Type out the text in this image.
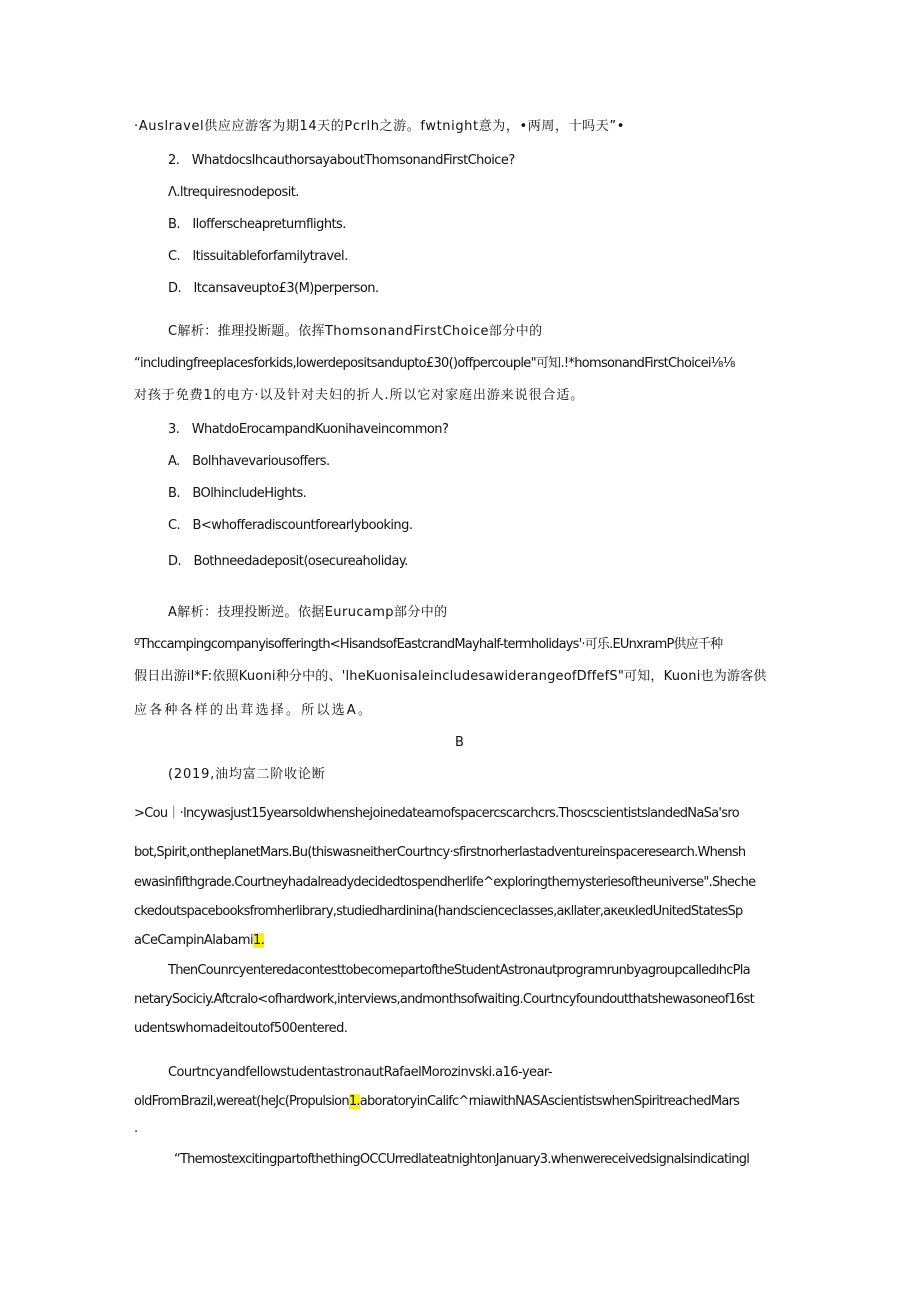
·Auslravel供应应游客为期14天的Pcrlh之游。fwtnight意为，•两周，十吗天”•
2.　WhatdocsIhcauthorsayaboutThomsonandFirstChoice?
Λ.ltrequiresnodeposit.
B.　Ilofferscheapreturnflights.
C.　ltissuitableforfamilytravel.
D.　Itcansaveupto£3(M)perperson.
C解析：推理投断题。依挥ThomsonandFirstChoice部分中的
“includingfreeplacesforkids,lowerdepositsandupto£30()offpercouple"可知.!*homsonandFirstChoicei⅛⅛
对孩于免费1的电方·以及针对夫妇的折人.所以它对家庭出游来说很合适。
3.　WhatdoErocampandKuonihaveincommon?
A.　Bolhhavevariousoffers.
B.　BOlhincludeHights.
C.　B<whofferadiscountforearlybooking.
D.　Bothneedadeposit⟨osecureaholiday.
A解析：技理投断逆。依据Eurucamp部分中的
ºThccampingcompanyisofferingth<HisandsofEastcrandMayhalf-termholidays'·可乐.EUnxramP供应千种
假日出游il*F:依照Kuoni种分中的、'lheKuonisaleincludesawiderangeofDffefS"可知，Kuoni也为游客供
应各种各样的出茸选择。所以选A。
B
(2019,油均富二阶收论断
>Cou｜·lncywasjust15yearsoldwhenshejoinedateamofspacercscarchcrs.ThoscscientistslandedNaSa'sro
bot,Spirit,ontheplanetMars.Bu(thiswasneitherCourtncy·sfirstnorherlastadventureinspaceresearch.Whensh
ewasinfifthgrade.Courtneyhadalreadydecidedtospendherlife^exploringthemysteriesoftheuniverse".Sheche
ckedoutspacebooksfromherlibrary,studiedhardinina(handscienceclasses,aκllater,aκeικledUnitedStatesSp
aCeCampinAlabami1.
ThenCounrcyenteredacontesttobecomepartoftheStudentAstronautprogramrunbyagroupcalledıhcPla
netarySociciy.Aftcralo<ofhardwork,interviews,andmonthsofwaiting.Courtncyfoundoutthatshewasoneof16st
udentswhomadeitoutof500entered.
CourtncyandfellowstudentastronautRafaelMorozinvski.a16-year-
oldFromBrazil,wereat(heJc(Propulsion1.aboratoryinCalifc^rniawithNASAscientistswhenSpiritreachedMars
.
“ThemostexcitingpartofthethingOCCUrredlateatnightonJanuary3.whenwereceivedsignalsindicatingl
